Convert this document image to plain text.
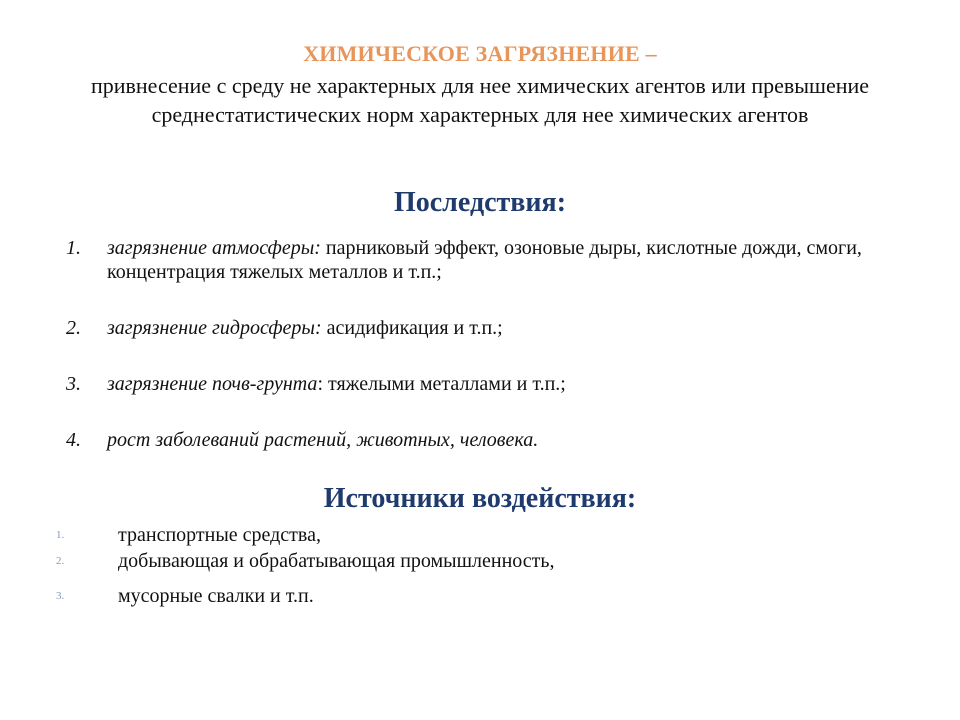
ХИМИЧЕСКОЕ ЗАГРЯЗНЕНИЕ –

привнесение с среду не характерных для нее химических агентов или превышение среднестатистических норм характерных для нее химических агентов

Последствия:
1. загрязнение атмосферы: парниковый эффект, озоновые дыры, кислотные дожди, смоги, концентрация тяжелых металлов и т.п.;
2. загрязнение гидросферы: асидификация и т.п.;
3. загрязнение почв-грунта: тяжелыми металлами и т.п.;
4. рост заболеваний растений, животных, человека.
Источники воздействия:
1.	транспортные средства,
2.	добывающая и обрабатывающая промышленность,
3.	мусорные свалки и т.п.
